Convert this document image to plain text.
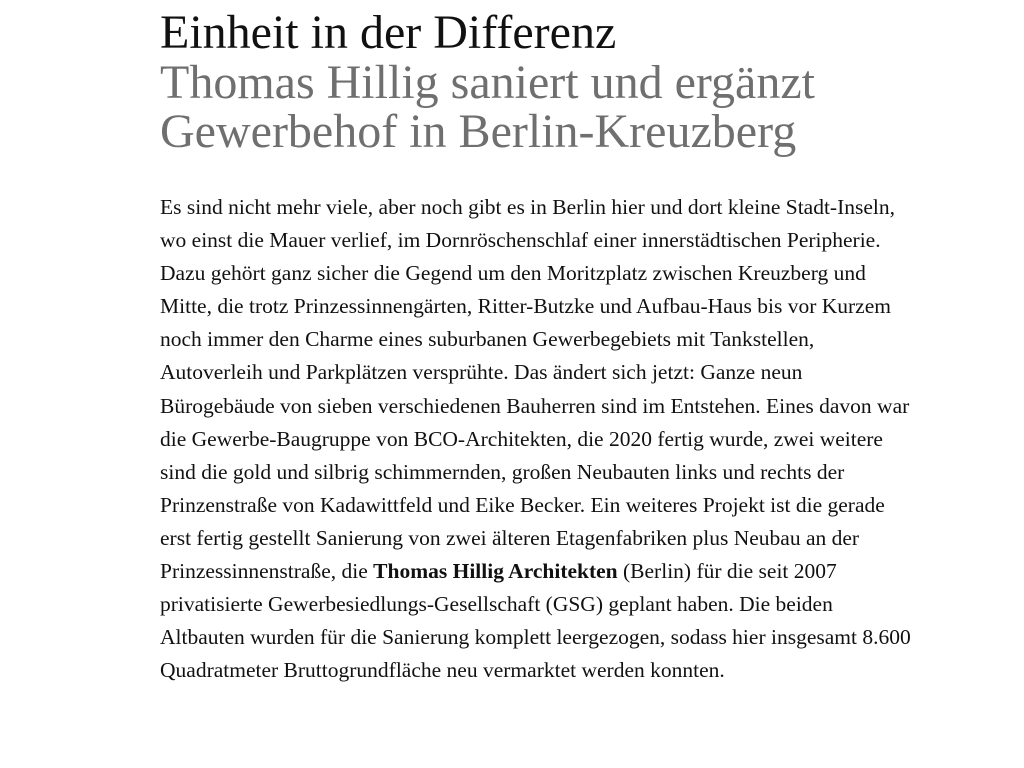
Einheit in der Differenz
Thomas Hillig saniert und ergänzt Gewerbehof in Berlin-Kreuzberg

Es sind nicht mehr viele, aber noch gibt es in Berlin hier und dort kleine Stadt-Inseln, wo einst die Mauer verlief, im Dornröschenschlaf einer innerstädtischen Peripherie. Dazu gehört ganz sicher die Gegend um den Moritzplatz zwischen Kreuzberg und Mitte, die trotz Prinzessinnengärten, Ritter-Butzke und Aufbau-Haus bis vor Kurzem noch immer den Charme eines suburbanen Gewerbegebiets mit Tankstellen, Autoverleih und Parkplätzen versprühte. Das ändert sich jetzt: Ganze neun Bürogebäude von sieben verschiedenen Bauherren sind im Entstehen. Eines davon war die Gewerbe-Baugruppe von BCO-Architekten, die 2020 fertig wurde, zwei weitere sind die gold und silbrig schimmernden, großen Neubauten links und rechts der Prinzenstraße von Kadawittfeld und Eike Becker. Ein weiteres Projekt ist die gerade erst fertig gestellt Sanierung von zwei älteren Etagenfabriken plus Neubau an der Prinzessinnenstraße, die Thomas Hillig Architekten (Berlin) für die seit 2007 privatisierte Gewerbesiedlungs-Gesellschaft (GSG) geplant haben. Die beiden Altbauten wurden für die Sanierung komplett leergezogen, sodass hier insgesamt 8.600 Quadratmeter Bruttogrundfläche neu vermarktet werden konnten.
